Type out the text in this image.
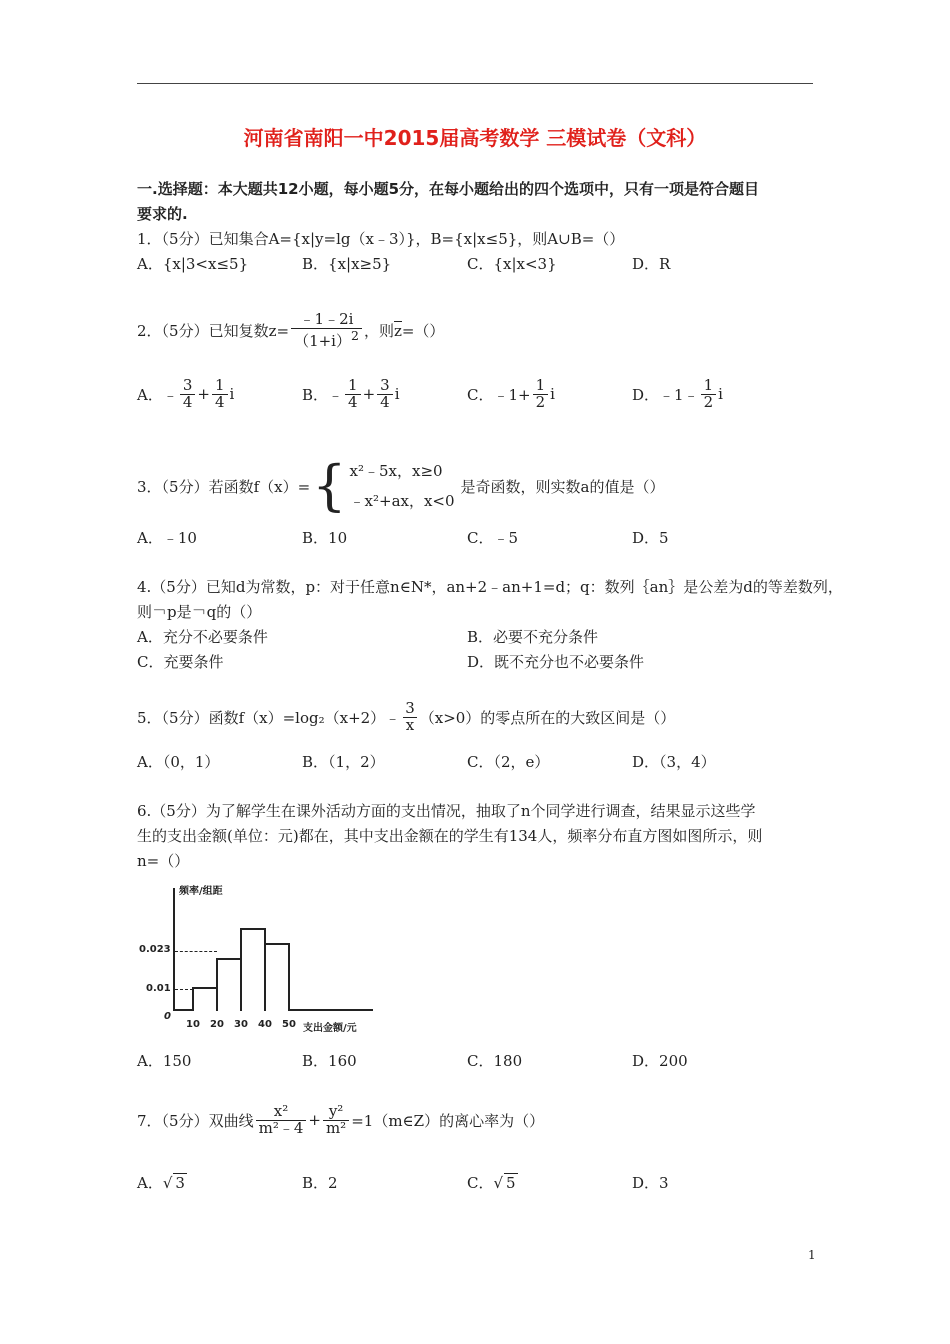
河南省南阳一中2015届高考数学 三模试卷（文科）
一.选择题：本大题共12小题，每小题5分，在每小题给出的四个选项中，只有一项是符合题目
要求的.
1．（5分）已知集合A={x|y=lg（x﹣3）}，B={x|x≤5}，则A∪B=（）
A．{x|3<x≤5}	B．{x|x≥5}	C．{x|x<3}	D．R
2．（5分）已知复数$z= \frac{﹣1﹣2i}{(1+i)^2}$ ，则 z =（）
A．﹣ $\frac{3}{4} + \frac{1}{4}$ i	B．﹣ $\frac{1}{4} + \frac{3}{4}$ i	C．﹣1+ $\frac{1}{2}$ i	D．﹣1﹣ $\frac{1}{2}$ i
3．（5分）若函数f（x）= { x²﹣5x，x≥0
﹣x²+ax，x<0
是奇函数，则实数a的值是（）
A．﹣10	B．10	C．﹣5	D．5
4.（5分）已知d为常数，p：对于任意n∈N*，an+2﹣an+1=d；q：数列｛an｝是公差为d的等差数列，
则￢p是￢q的（）
A．充分不必要条件	B．必要不充分条件
C．充要条件	D．既不充分也不必要条件
5．（5分）函数f（x）=log₂（x+2）﹣ $\frac{3}{x} (x>0)$的零点所在的大致区间是（）
A．（0，1）	B．（1，2）	C．（2，e）	D．（3，4）
6.（5分）为了解学生在课外活动方面的支出情况，抽取了n个同学进行调查，结果显示这些学
生的支出金额(单位：元)都在，其中支出金额在的学生有134人，频率分布直方图如图所示，则
n=（）
频率/组距
0
支出金额/元
0.023
0.01
10 20 30 40 50
A．150	B．160	C．180	D．200
7．（5分）双曲线 $\frac{\text{x²}}{\text{m²﹣4}} + \frac{\text{y²}}{\text{m²}}$ =1（m∈Z）的离心率为（）
A．√ 3	B．2	C．√ 5	D．3
1
